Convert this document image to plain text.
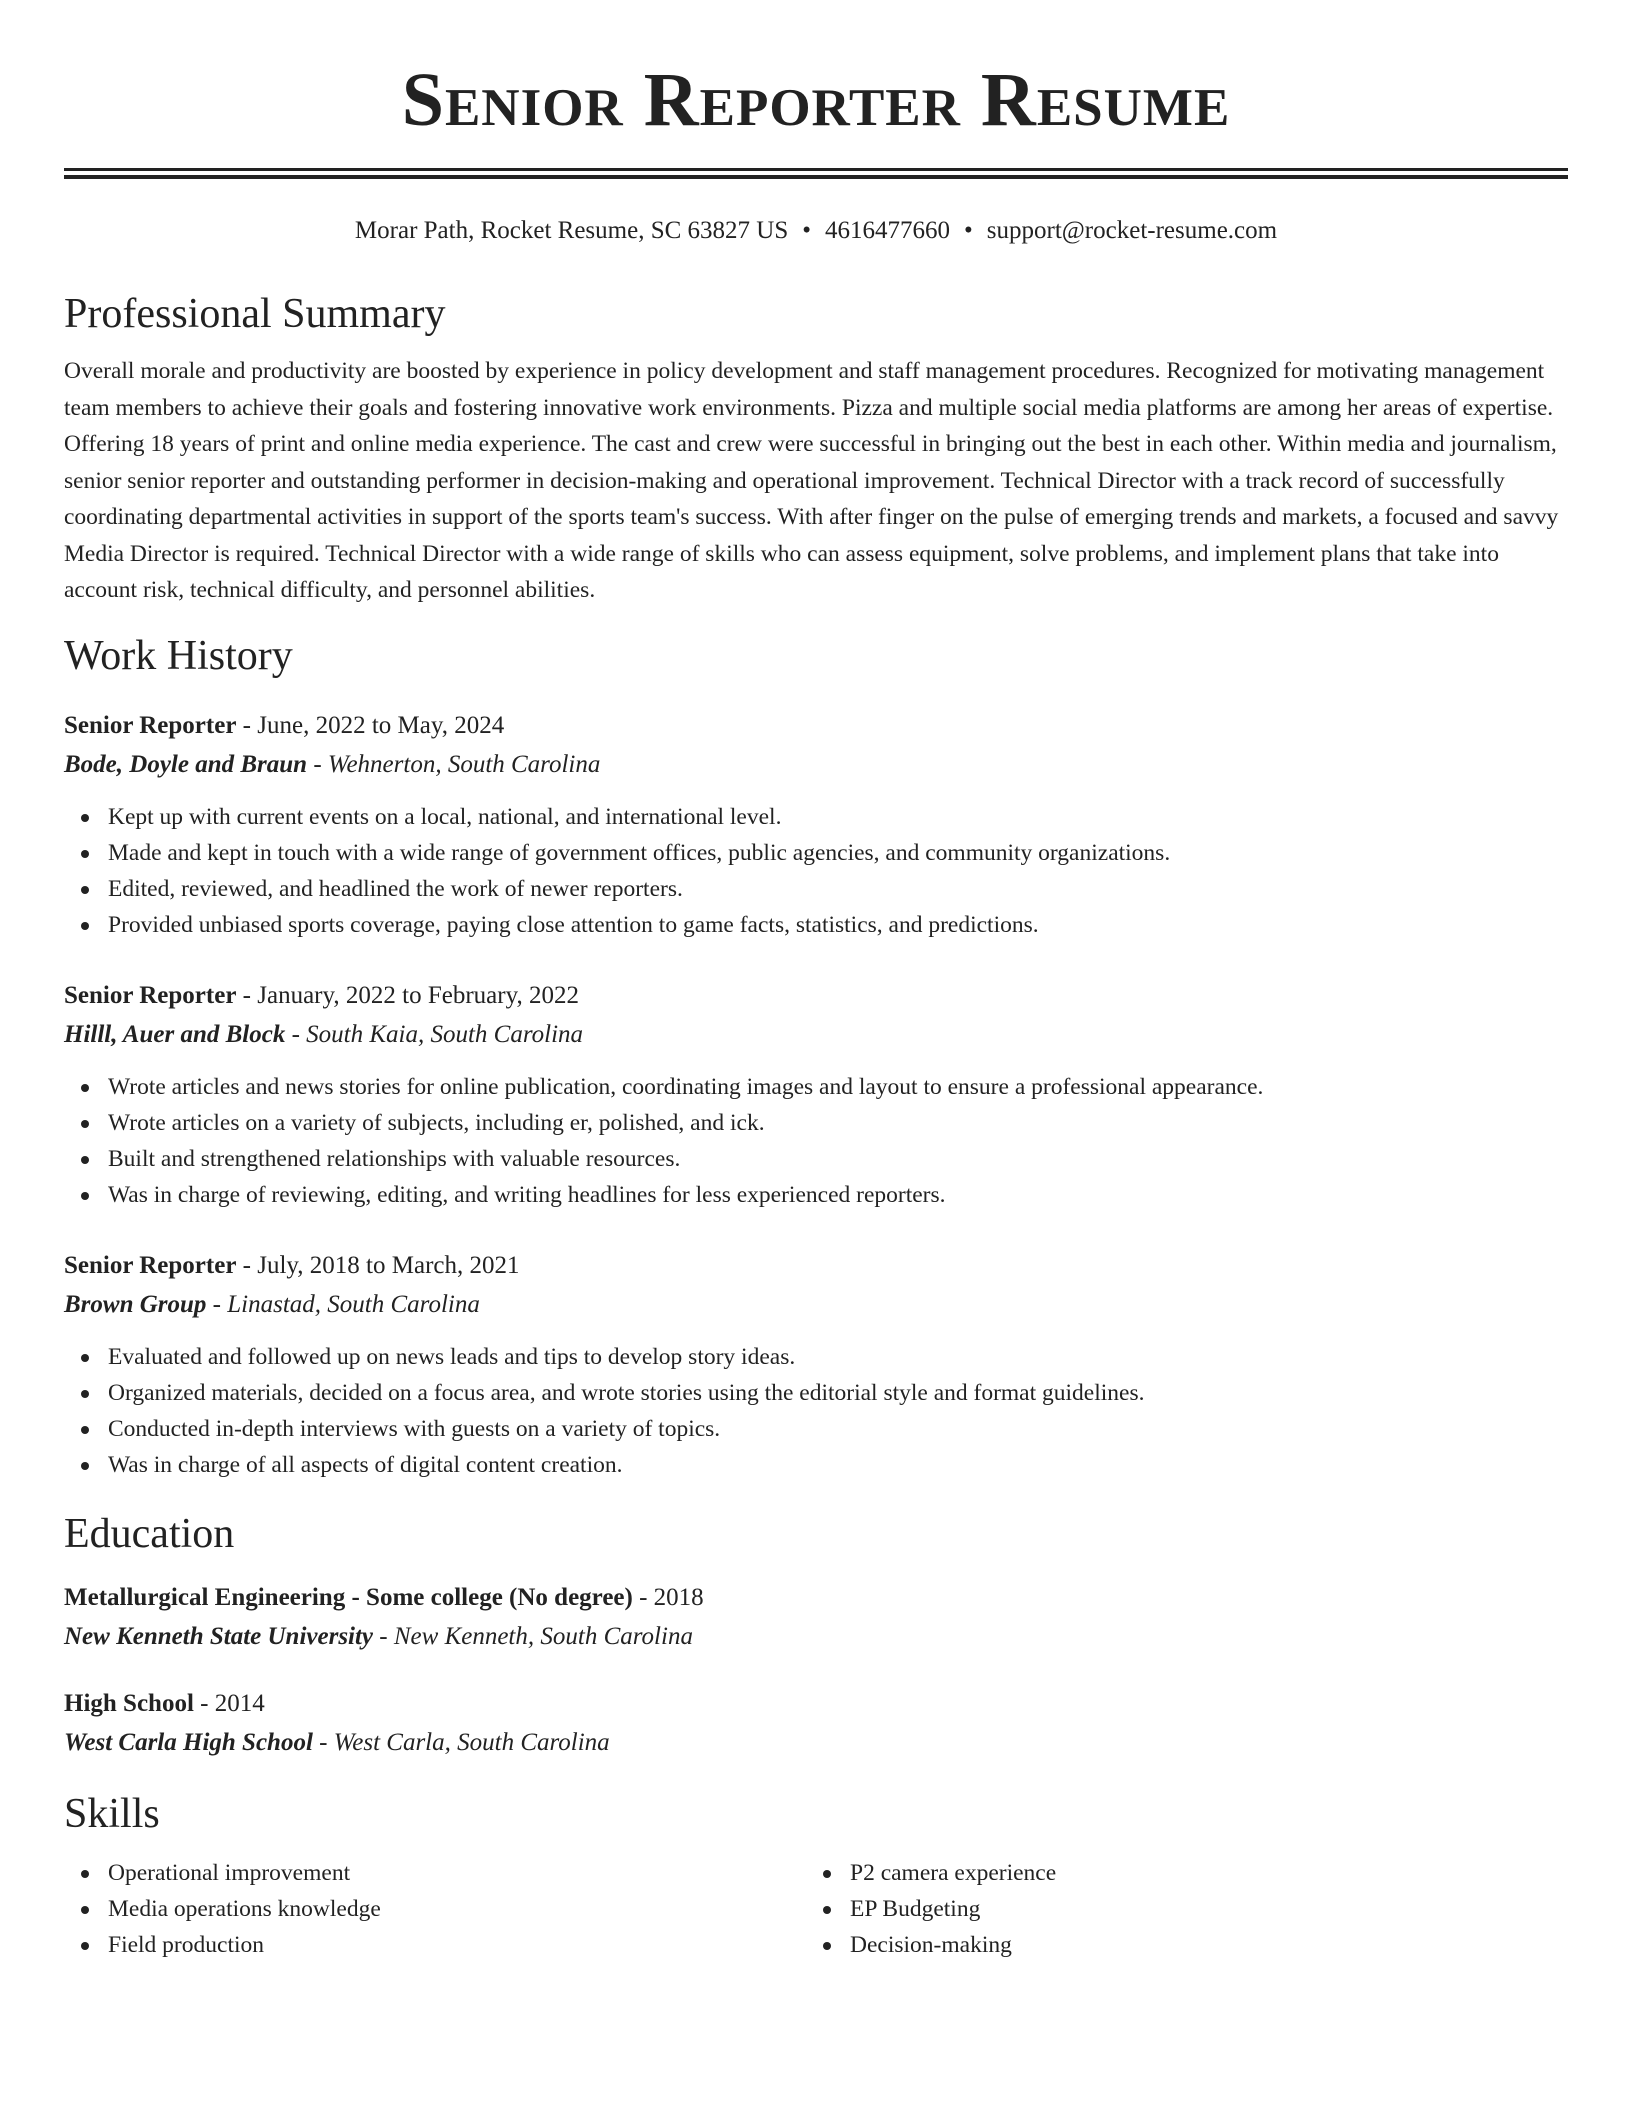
Senior Reporter Resume
Morar Path, Rocket Resume, SC 63827 US • 4616477660 • support@rocket-resume.com
Professional Summary

Overall morale and productivity are boosted by experience in policy development and staff management procedures. Recognized for motivating management team members to achieve their goals and fostering innovative work environments. Pizza and multiple social media platforms are among her areas of expertise. Offering 18 years of print and online media experience. The cast and crew were successful in bringing out the best in each other. Within media and journalism, senior senior reporter and outstanding performer in decision-making and operational improvement. Technical Director with a track record of successfully coordinating departmental activities in support of the sports team's success. With after finger on the pulse of emerging trends and markets, a focused and savvy Media Director is required. Technical Director with a wide range of skills who can assess equipment, solve problems, and implement plans that take into account risk, technical difficulty, and personnel abilities.

Work History
Senior Reporter - June, 2022 to May, 2024
Bode, Doyle and Braun - Wehnerton, South Carolina
Kept up with current events on a local, national, and international level.
Made and kept in touch with a wide range of government offices, public agencies, and community organizations.
Edited, reviewed, and headlined the work of newer reporters.
Provided unbiased sports coverage, paying close attention to game facts, statistics, and predictions.
Senior Reporter - January, 2022 to February, 2022
Hilll, Auer and Block - South Kaia, South Carolina
Wrote articles and news stories for online publication, coordinating images and layout to ensure a professional appearance.
Wrote articles on a variety of subjects, including er, polished, and ick.
Built and strengthened relationships with valuable resources.
Was in charge of reviewing, editing, and writing headlines for less experienced reporters.
Senior Reporter - July, 2018 to March, 2021
Brown Group - Linastad, South Carolina
Evaluated and followed up on news leads and tips to develop story ideas.
Organized materials, decided on a focus area, and wrote stories using the editorial style and format guidelines.
Conducted in-depth interviews with guests on a variety of topics.
Was in charge of all aspects of digital content creation.
Education
Metallurgical Engineering - Some college (No degree) - 2018
New Kenneth State University - New Kenneth, South Carolina
High School - 2014
West Carla High School - West Carla, South Carolina
Skills
Operational improvement
Media operations knowledge
Field production
P2 camera experience
EP Budgeting
Decision-making
